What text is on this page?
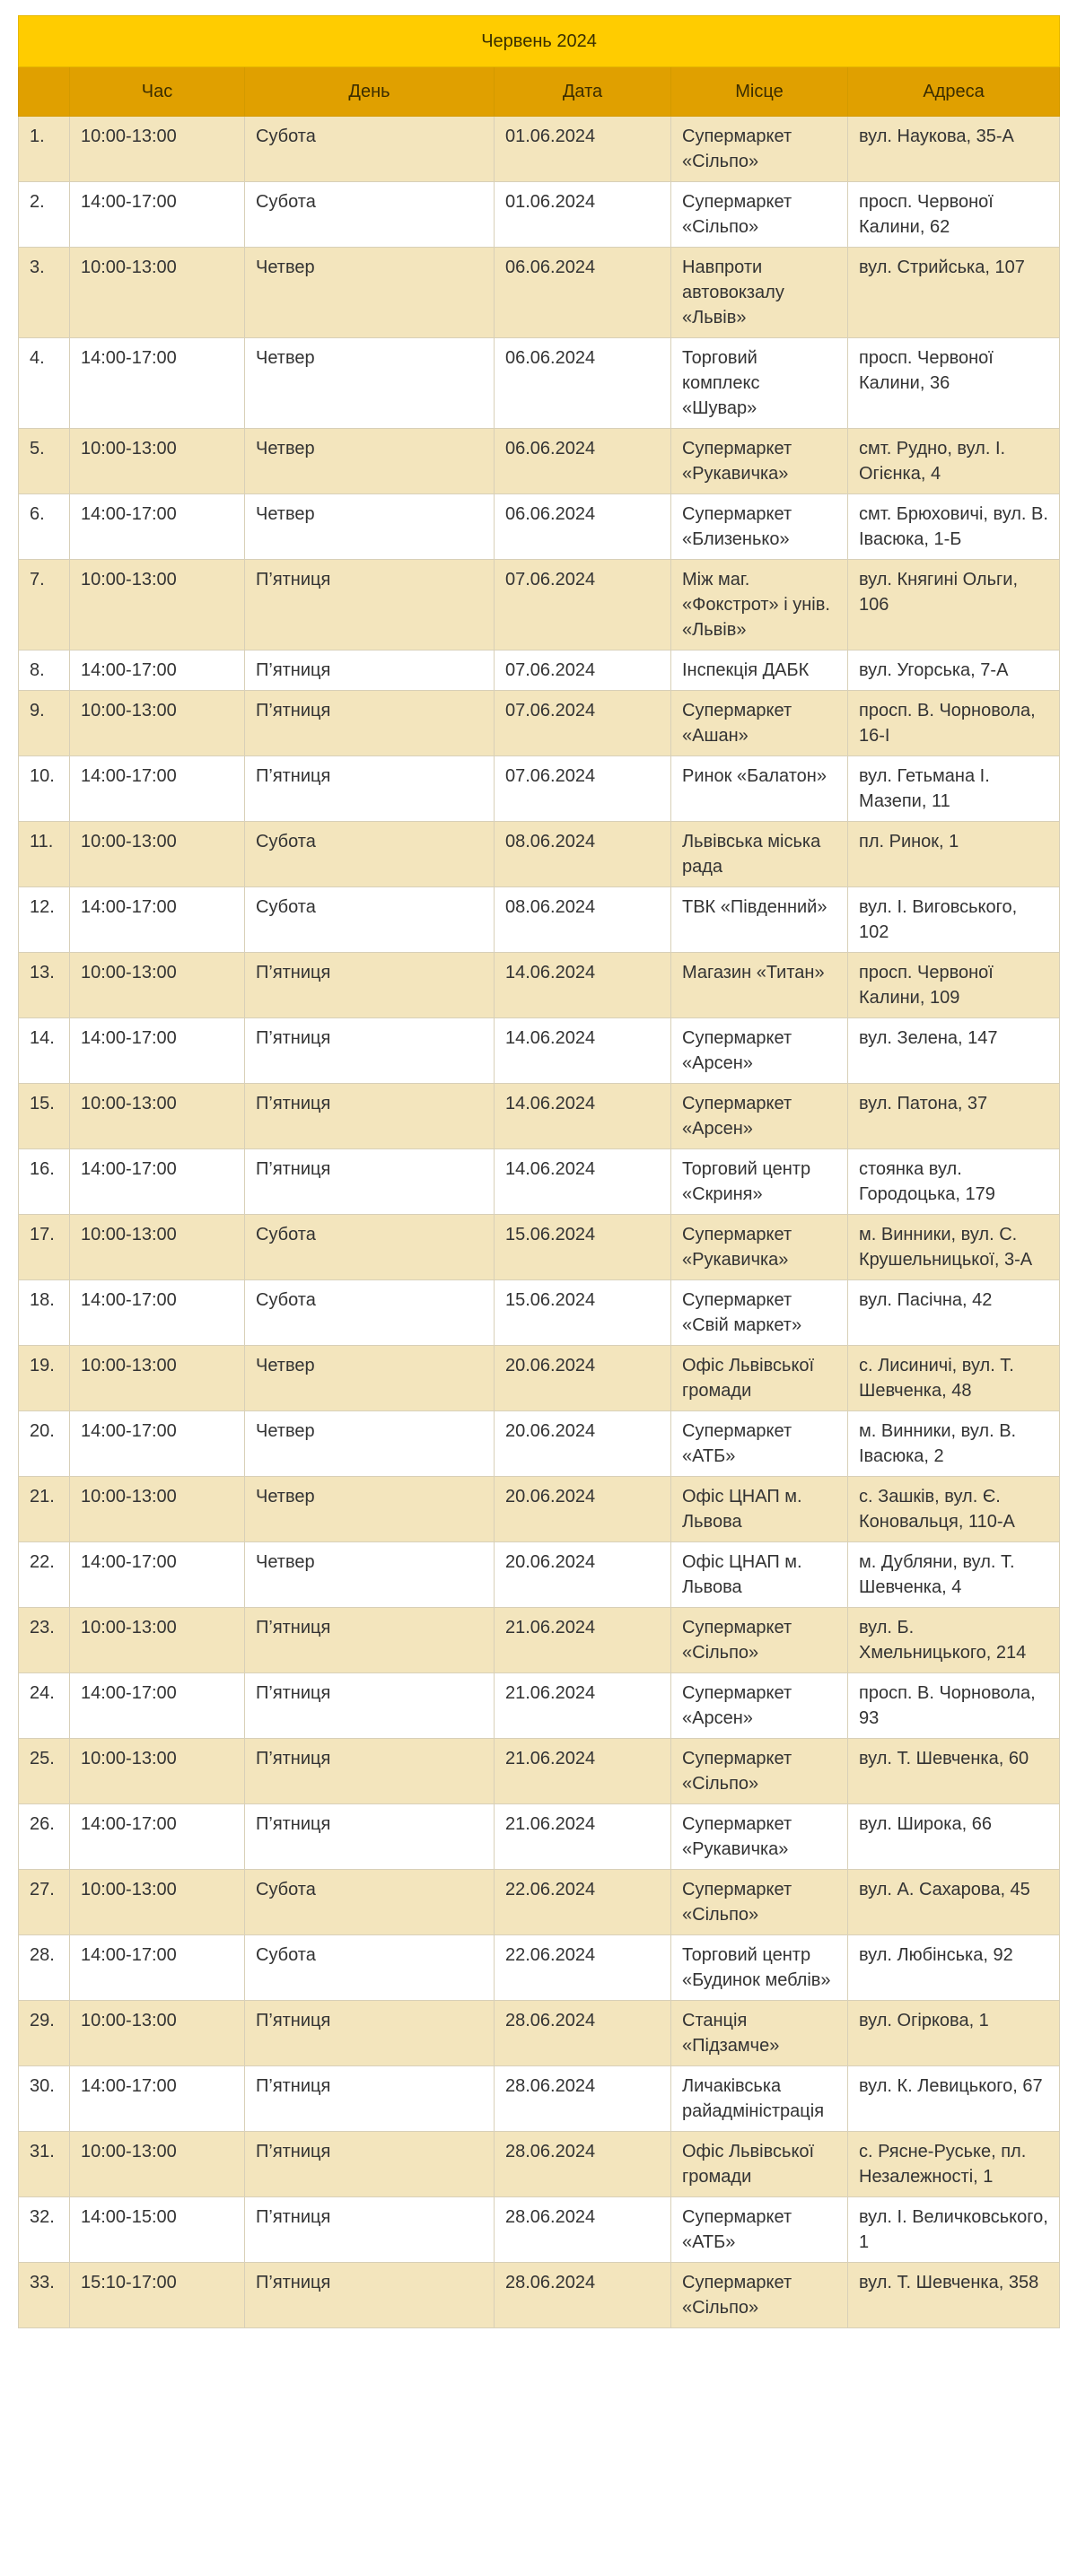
Червень 2024					
	Час	День	Дата	Місце	Адреса
1.	10:00-13:00	Субота	01.06.2024	Супермаркет «Сільпо»	вул. Наукова, 35-А
2.	14:00-17:00	Субота	01.06.2024	Супермаркет «Сільпо»	просп. Червоної Калини, 62
3.	10:00-13:00	Четвер	06.06.2024	Навпроти автовокзалу «Львів»	вул. Стрийська, 107
4.	14:00-17:00	Четвер	06.06.2024	Торговий комплекс «Шувар»	просп. Червоної Калини, 36
5.	10:00-13:00	Четвер	06.06.2024	Супермаркет «Рукавичка»	смт. Рудно, вул. І. Огієнка, 4
6.	14:00-17:00	Четвер	06.06.2024	Супермаркет «Близенько»	смт. Брюховичі, вул. В. Івасюка, 1-Б
7.	10:00-13:00	П’ятниця	07.06.2024	Між маг. «Фокстрот» і унів. «Львів»	вул. Княгині Ольги, 106
8.	14:00-17:00	П’ятниця	07.06.2024	Інспекція ДАБК	вул. Угорська, 7-А
9.	10:00-13:00	П’ятниця	07.06.2024	Супермаркет «Ашан»	просп. В. Чорновола, 16-І
10.	14:00-17:00	П’ятниця	07.06.2024	Ринок «Балатон»	вул. Гетьмана І. Мазепи, 11
11.	10:00-13:00	Субота	08.06.2024	Львівська міська рада	пл. Ринок, 1
12.	14:00-17:00	Субота	08.06.2024	ТВК «Південний»	вул. І. Виговського, 102
13.	10:00-13:00	П’ятниця	14.06.2024	Магазин «Титан»	просп. Червоної Калини, 109
14.	14:00-17:00	П’ятниця	14.06.2024	Супермаркет «Арсен»	вул. Зелена, 147
15.	10:00-13:00	П’ятниця	14.06.2024	Супермаркет «Арсен»	вул. Патона, 37
16.	14:00-17:00	П’ятниця	14.06.2024	Торговий центр «Скриня»	стоянка вул. Городоцька, 179
17.	10:00-13:00	Субота	15.06.2024	Супермаркет «Рукавичка»	м. Винники, вул. С. Крушельницької, 3-А
18.	14:00-17:00	Субота	15.06.2024	Супермаркет «Свій маркет»	вул. Пасічна, 42
19.	10:00-13:00	Четвер	20.06.2024	Офіс Львівської громади	с. Лисиничі, вул. Т. Шевченка, 48
20.	14:00-17:00	Четвер	20.06.2024	Супермаркет «АТБ»	м. Винники, вул. В. Івасюка, 2
21.	10:00-13:00	Четвер	20.06.2024	Офіс ЦНАП м. Львова	с. Зашків, вул. Є. Коновальця, 110-А
22.	14:00-17:00	Четвер	20.06.2024	Офіс ЦНАП м. Львова	м. Дубляни, вул. Т. Шевченка, 4
23.	10:00-13:00	П’ятниця	21.06.2024	Супермаркет «Сільпо»	вул. Б. Хмельницького, 214
24.	14:00-17:00	П’ятниця	21.06.2024	Супермаркет «Арсен»	просп. В. Чорновола, 93
25.	10:00-13:00	П’ятниця	21.06.2024	Супермаркет «Сільпо»	вул. Т. Шевченка, 60
26.	14:00-17:00	П’ятниця	21.06.2024	Супермаркет «Рукавичка»	вул. Широка, 66
27.	10:00-13:00	Субота	22.06.2024	Супермаркет «Сільпо»	вул. А. Сахарова, 45
28.	14:00-17:00	Субота	22.06.2024	Торговий центр «Будинок меблів»	вул. Любінська, 92
29.	10:00-13:00	П’ятниця	28.06.2024	Станція «Підзамче»	вул. Огіркова, 1
30.	14:00-17:00	П’ятниця	28.06.2024	Личаківська райадміністрація	вул. К. Левицького, 67
31.	10:00-13:00	П’ятниця	28.06.2024	Офіс Львівської громади	с. Рясне-Руське, пл. Незалежності, 1
32.	14:00-15:00	П’ятниця	28.06.2024	Супермаркет «АТБ»	вул. І. Величковського, 1
33.	15:10-17:00	П’ятниця	28.06.2024	Супермаркет «Сільпо»	вул. Т. Шевченка, 358
